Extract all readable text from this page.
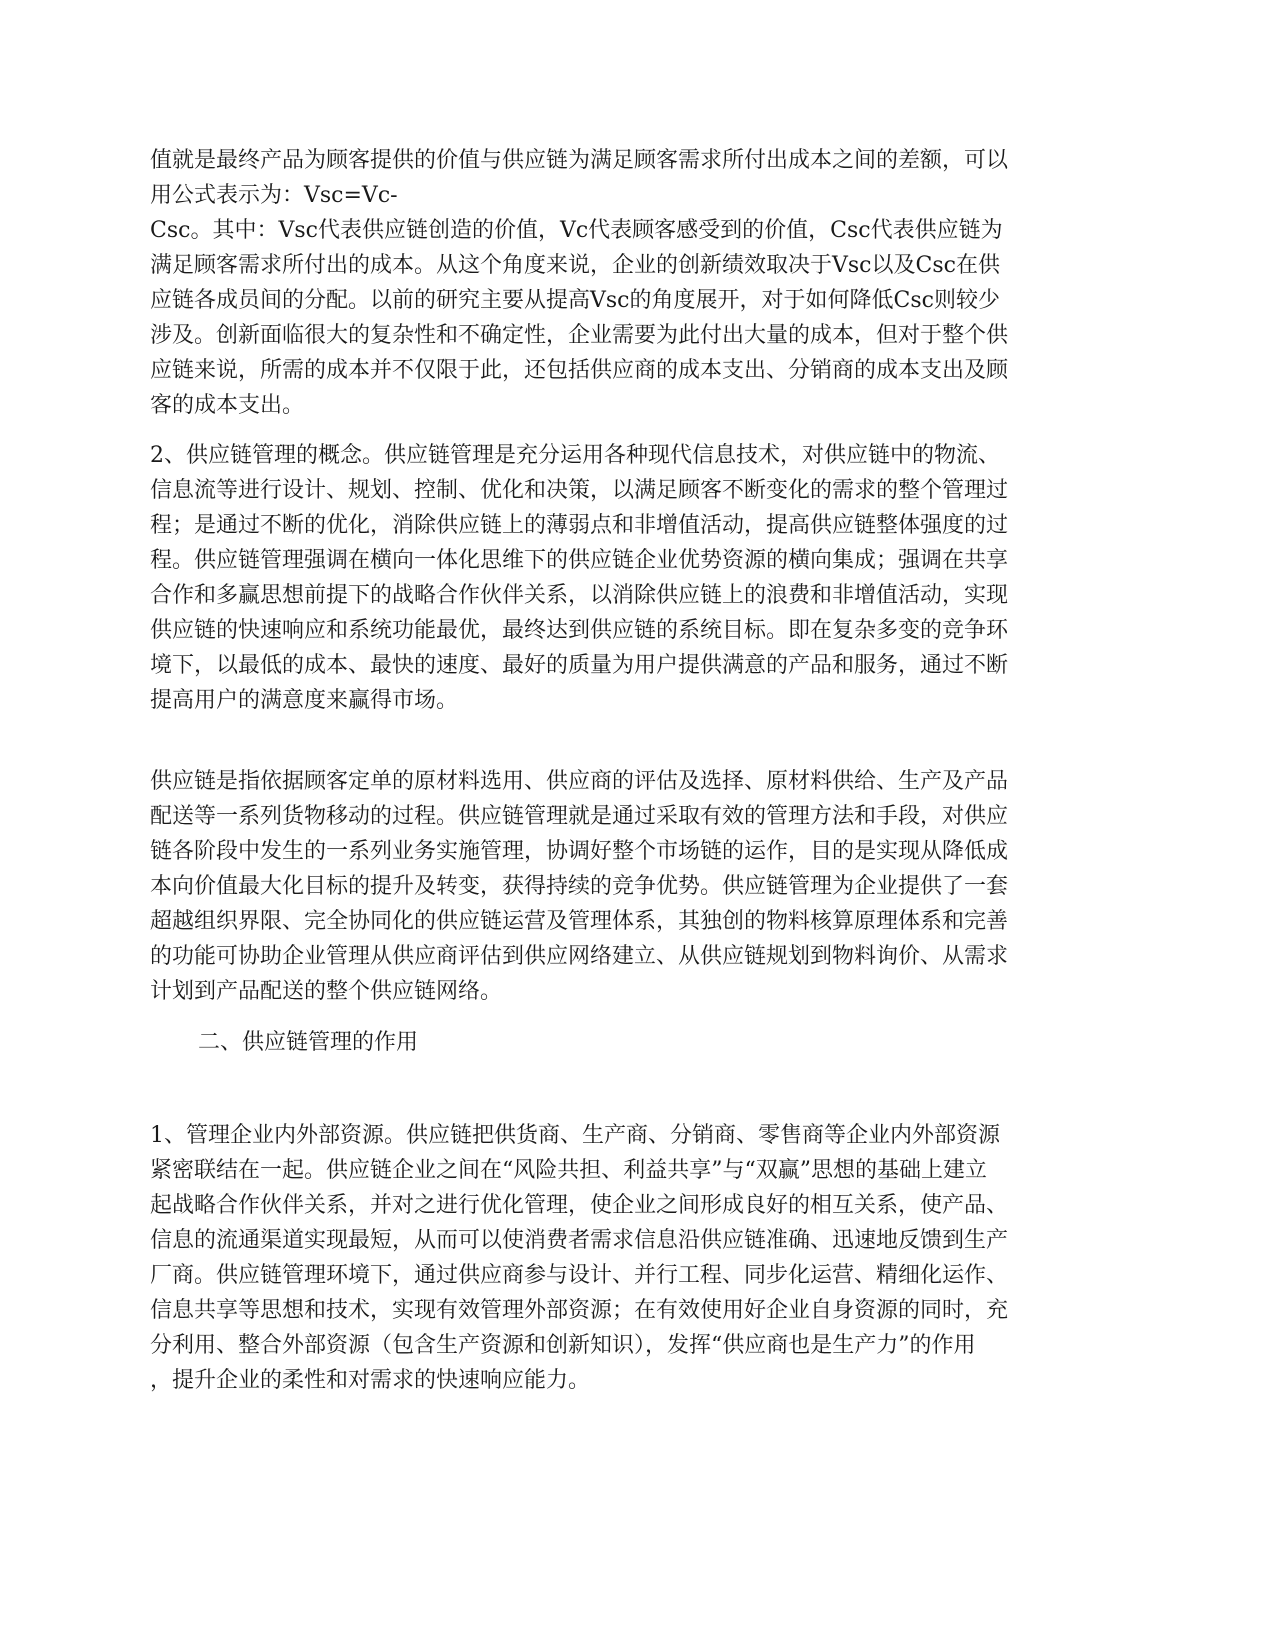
值就是最终产品为顾客提供的价值与供应链为满足顾客需求所付出成本之间的差额，可以
用公式表示为：Vsc=Vc-
Csc。其中：Vsc代表供应链创造的价值，Vc代表顾客感受到的价值，Csc代表供应链为
满足顾客需求所付出的成本。从这个角度来说，企业的创新绩效取决于Vsc以及Csc在供
应链各成员间的分配。以前的研究主要从提高Vsc的角度展开，对于如何降低Csc则较少
涉及。创新面临很大的复杂性和不确定性，企业需要为此付出大量的成本，但对于整个供
应链来说，所需的成本并不仅限于此，还包括供应商的成本支出、分销商的成本支出及顾
客的成本支出。
2、供应链管理的概念。供应链管理是充分运用各种现代信息技术，对供应链中的物流、
信息流等进行设计、规划、控制、优化和决策，以满足顾客不断变化的需求的整个管理过
程；是通过不断的优化，消除供应链上的薄弱点和非增值活动，提高供应链整体强度的过
程。供应链管理强调在横向一体化思维下的供应链企业优势资源的横向集成；强调在共享
合作和多赢思想前提下的战略合作伙伴关系，以消除供应链上的浪费和非增值活动，实现
供应链的快速响应和系统功能最优，最终达到供应链的系统目标。即在复杂多变的竞争环
境下，以最低的成本、最快的速度、最好的质量为用户提供满意的产品和服务，通过不断
提高用户的满意度来赢得市场。
供应链是指依据顾客定单的原材料选用、供应商的评估及选择、原材料供给、生产及产品
配送等一系列货物移动的过程。供应链管理就是通过采取有效的管理方法和手段，对供应
链各阶段中发生的一系列业务实施管理，协调好整个市场链的运作，目的是实现从降低成
本向价值最大化目标的提升及转变，获得持续的竞争优势。供应链管理为企业提供了一套
超越组织界限、完全协同化的供应链运营及管理体系，其独创的物料核算原理体系和完善
的功能可协助企业管理从供应商评估到供应网络建立、从供应链规划到物料询价、从需求
计划到产品配送的整个供应链网络。
二、供应链管理的作用
1、管理企业内外部资源。供应链把供货商、生产商、分销商、零售商等企业内外部资源
紧密联结在一起。供应链企业之间在“风险共担、利益共享”与“双赢”思想的基础上建立
起战略合作伙伴关系，并对之进行优化管理，使企业之间形成良好的相互关系，使产品、
信息的流通渠道实现最短，从而可以使消费者需求信息沿供应链准确、迅速地反馈到生产
厂商。供应链管理环境下，通过供应商参与设计、并行工程、同步化运营、精细化运作、
信息共享等思想和技术，实现有效管理外部资源；在有效使用好企业自身资源的同时，充
分利用、整合外部资源（包含生产资源和创新知识），发挥“供应商也是生产力”的作用
，提升企业的柔性和对需求的快速响应能力。
